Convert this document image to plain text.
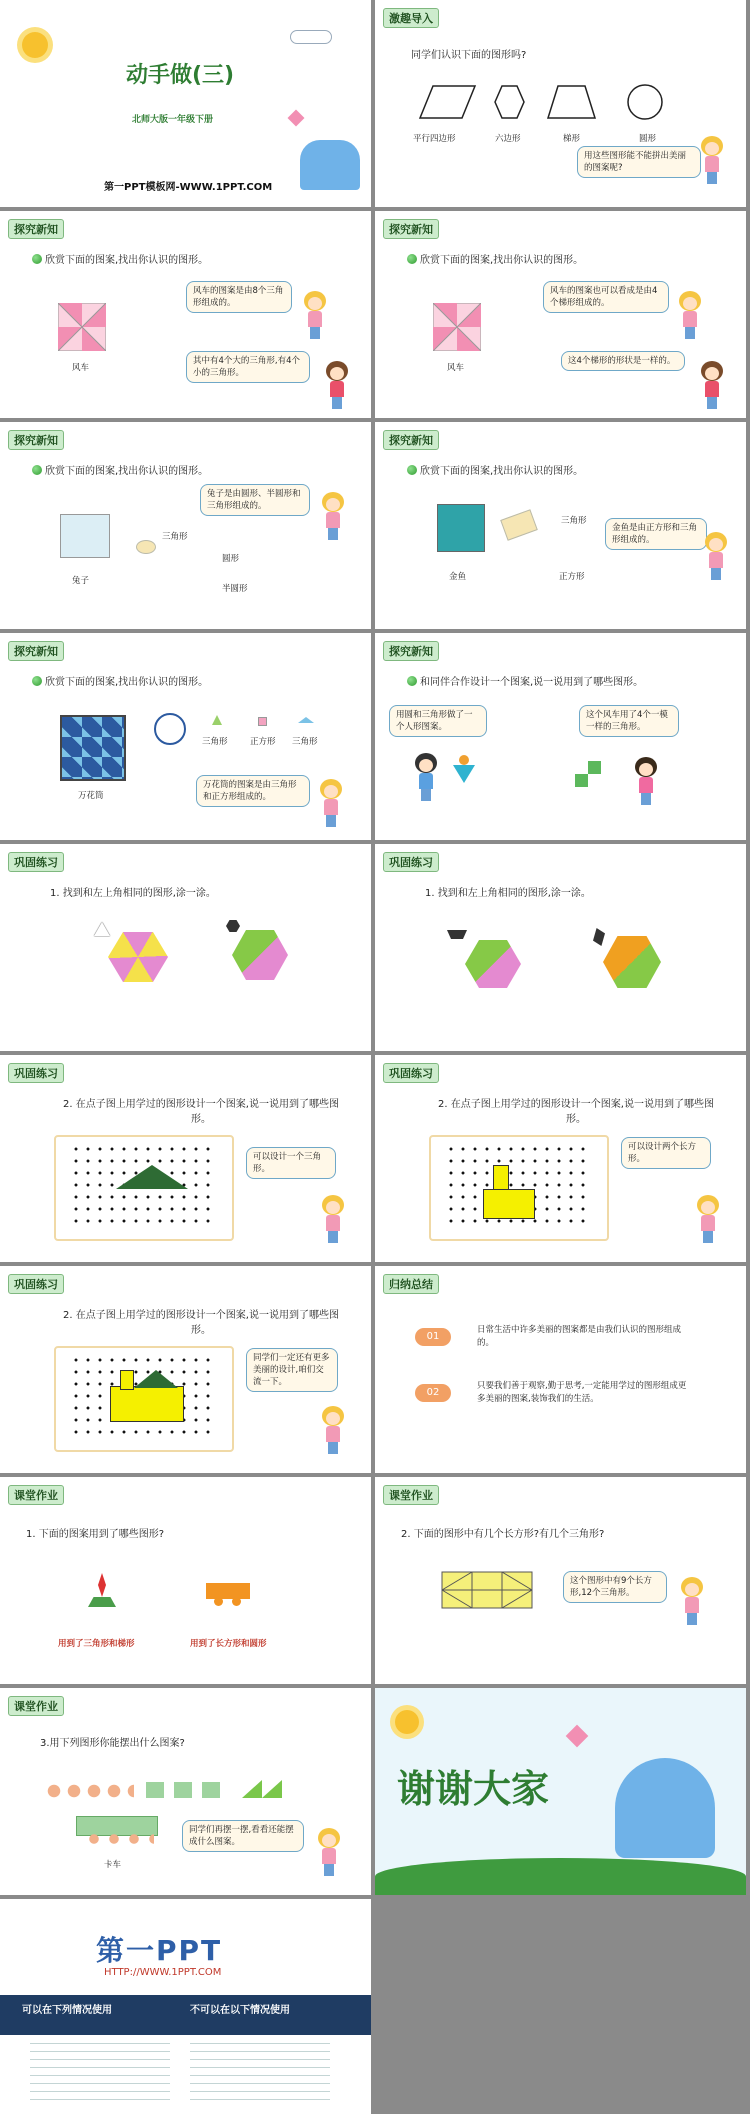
动手做(三)
北师大版一年级下册
第一PPT模板网-WWW.1PPT.COM
激趣导入
同学们认识下面的图形吗?
平行四边形	六边形	梯形	圆形
用这些图形能不能拼出美丽的图案呢?
探究新知
欣赏下面的图案,找出你认识的图形。
风车
风车的图案是由8个三角形组成的。
其中有4个大的三角形,有4个小的三角形。
探究新知
欣赏下面的图案,找出你认识的图形。
风车
风车的图案也可以看成是由4个梯形组成的。
这4个梯形的形状是一样的。
探究新知
欣赏下面的图案,找出你认识的图形。
兔子
三角形
圆形
半圆形
兔子是由圆形、半圆形和三角形组成的。
探究新知
欣赏下面的图案,找出你认识的图形。
金鱼
三角形
正方形
金鱼是由正方形和三角形组成的。
探究新知
欣赏下面的图案,找出你认识的图形。
万花筒
三角形	正方形 三角形
万花筒的图案是由三角形和正方形组成的。
探究新知
和同伴合作设计一个图案,说一说用到了哪些图形。
用圆和三角形做了一个人形图案。
这个风车用了4个一模一样的三角形。
巩固练习
1. 找到和左上角相同的图形,涂一涂。
巩固练习
1. 找到和左上角相同的图形,涂一涂。
巩固练习
2. 在点子图上用学过的图形设计一个图案,说一说用到了哪些图形。
可以设计一个三角形。
巩固练习
2. 在点子图上用学过的图形设计一个图案,说一说用到了哪些图形。
可以设计两个长方形。
巩固练习
2. 在点子图上用学过的图形设计一个图案,说一说用到了哪些图形。
同学们一定还有更多美丽的设计,咱们交流一下。
归纳总结
01
日常生活中许多美丽的图案都是由我们认识的图形组成的。
02
只要我们善于观察,勤于思考,一定能用学过的图形组成更多美丽的图案,装饰我们的生活。
课堂作业
1. 下面的图案用到了哪些图形?
用到了三角形和梯形	用到了长方形和圆形
课堂作业
2. 下面的图形中有几个长方形?有几个三角形?
这个图形中有9个长方形,12个三角形。
课堂作业
3.用下列图形你能摆出什么图案?
卡车
同学们再摆一摆,看看还能摆成什么图案。
谢谢大家
第一PPT
HTTP://WWW.1PPT.COM
可以在下列情况使用	不可以在以下情况使用
